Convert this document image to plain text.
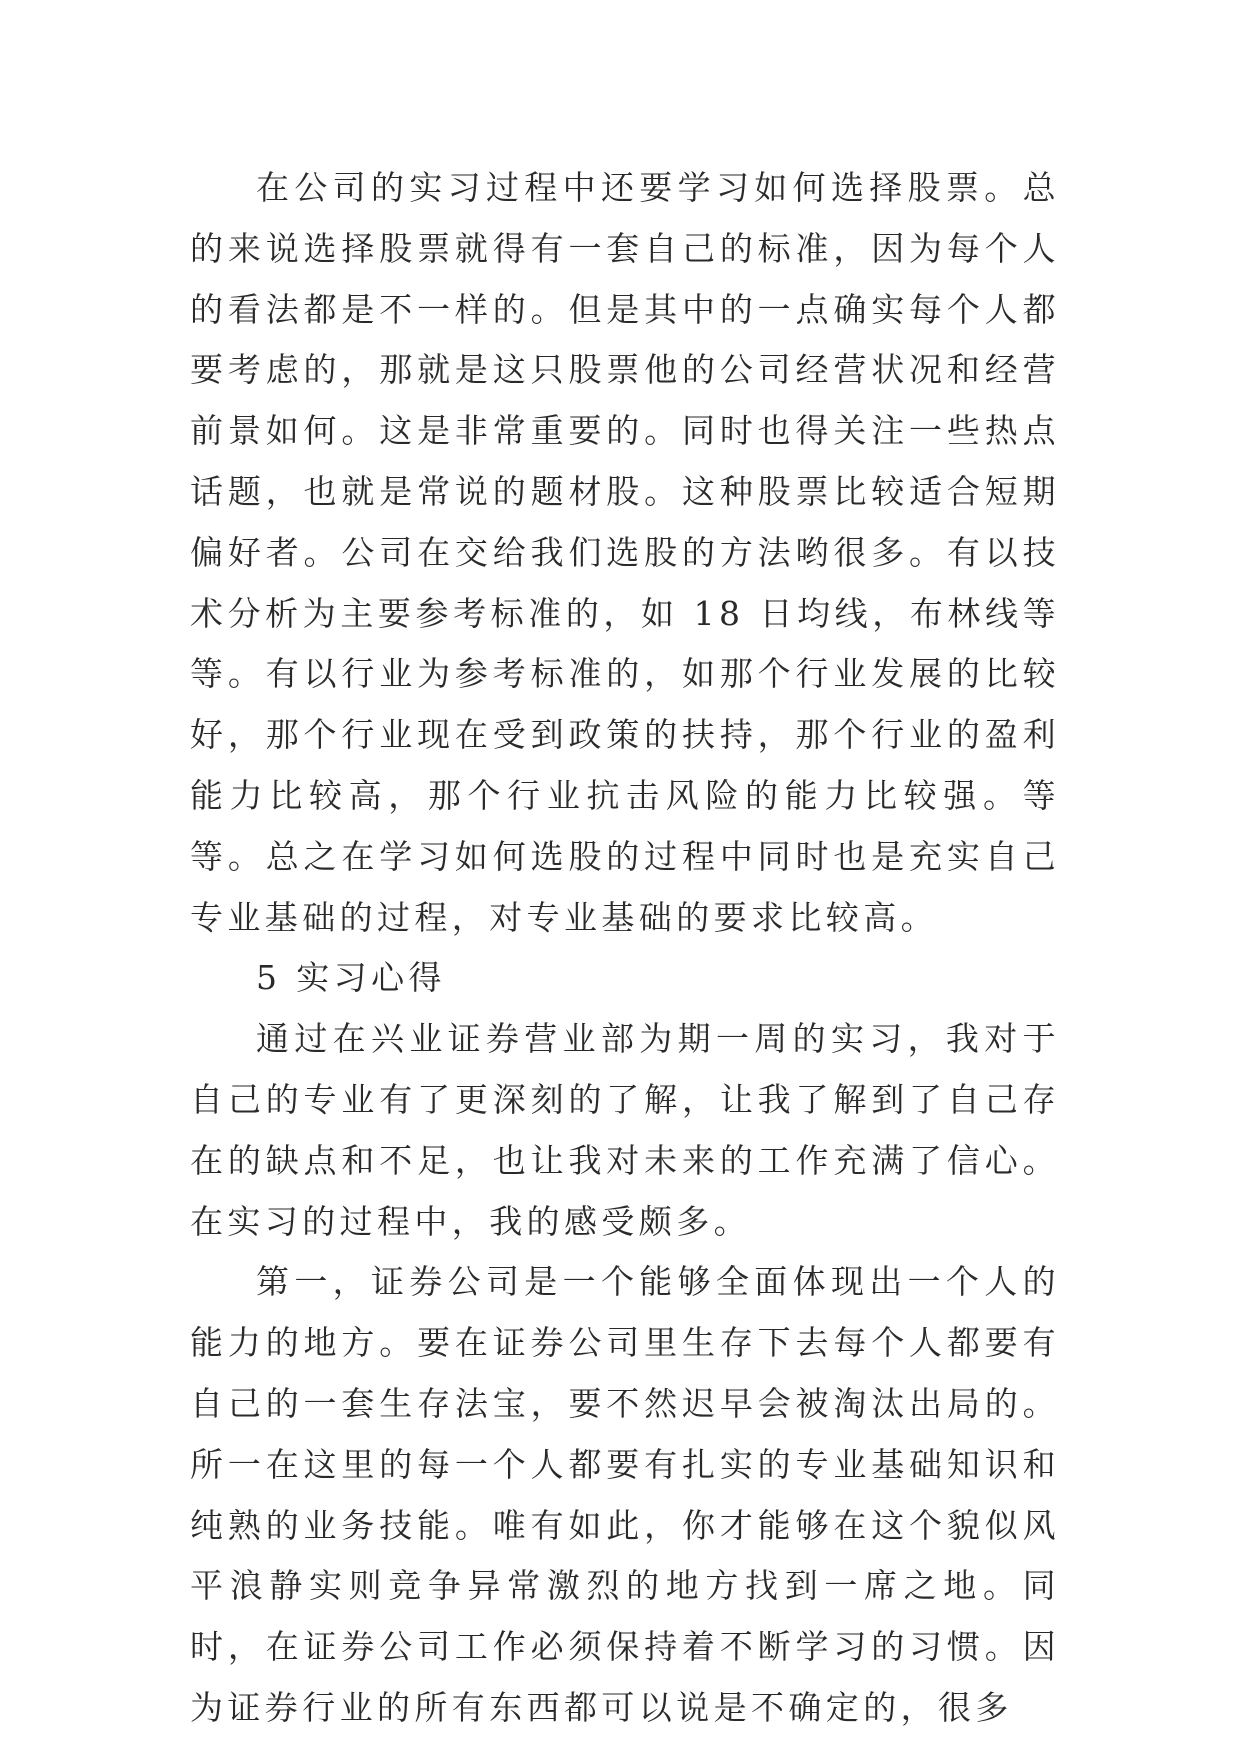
在公司的实习过程中还要学习如何选择股票。总的来说选择股票就得有一套自己的标准，因为每个人的看法都是不一样的。但是其中的一点确实每个人都要考虑的，那就是这只股票他的公司经营状况和经营前景如何。这是非常重要的。同时也得关注一些热点话题，也就是常说的题材股。这种股票比较适合短期偏好者。公司在交给我们选股的方法哟很多。有以技术分析为主要参考标准的，如 18 日均线，布林线等等。有以行业为参考标准的，如那个行业发展的比较好，那个行业现在受到政策的扶持，那个行业的盈利能力比较高，那个行业抗击风险的能力比较强。等等。总之在学习如何选股的过程中同时也是充实自己专业基础的过程，对专业基础的要求比较高。

5 实习心得

通过在兴业证券营业部为期一周的实习，我对于自己的专业有了更深刻的了解，让我了解到了自己存在的缺点和不足，也让我对未来的工作充满了信心。在实习的过程中，我的感受颇多。

第一，证券公司是一个能够全面体现出一个人的能力的地方。要在证券公司里生存下去每个人都要有自己的一套生存法宝，要不然迟早会被淘汰出局的。所一在这里的每一个人都要有扎实的专业基础知识和纯熟的业务技能。唯有如此，你才能够在这个貌似风平浪静实则竞争异常激烈的地方找到一席之地。同时，在证券公司工作必须保持着不断学习的习惯。因为证券行业的所有东西都可以说是不确定的，很多
